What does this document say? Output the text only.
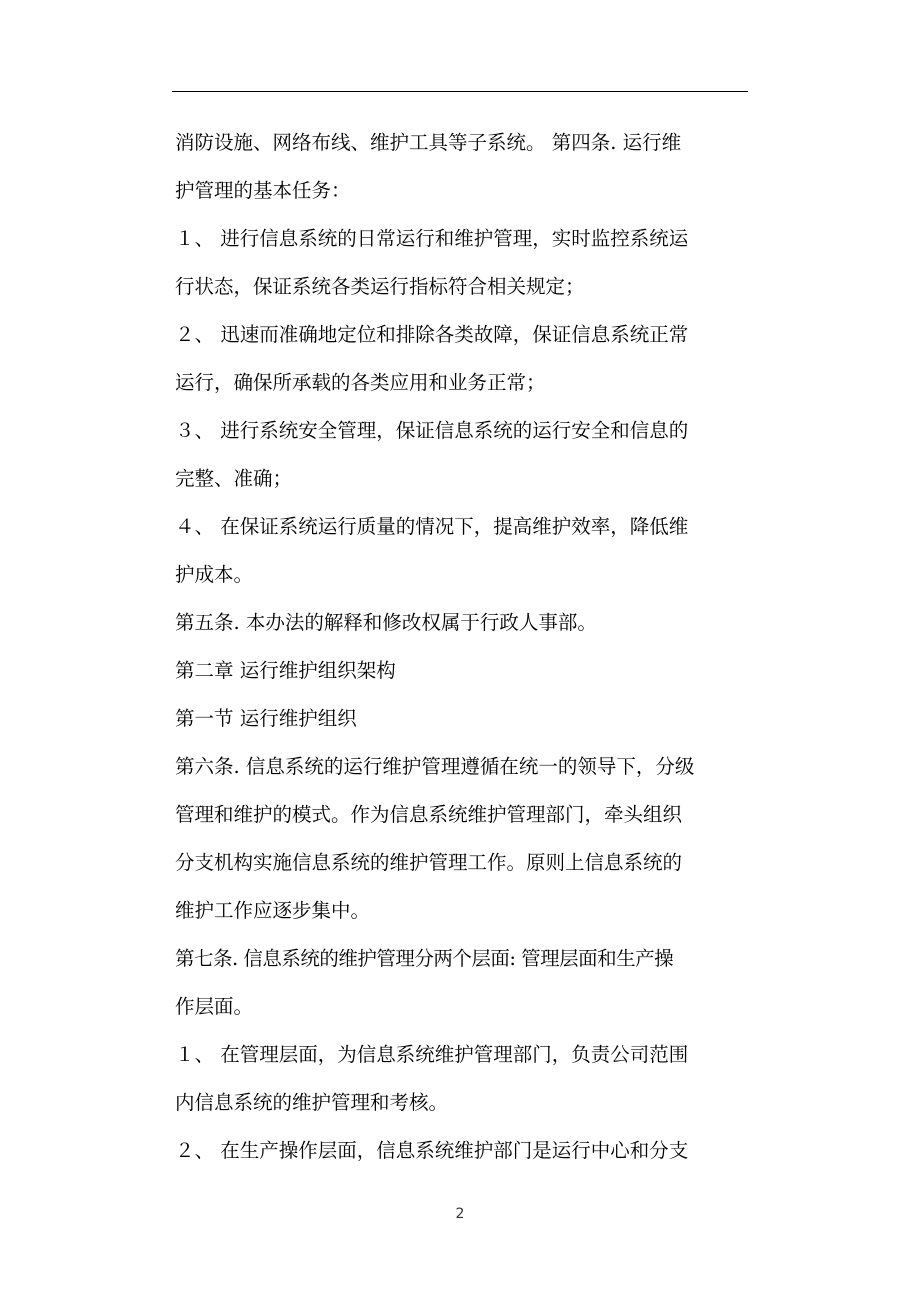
消防设施、网络布线、维护工具等子系统。 第四条. 运行维
护管理的基本任务：
１、 进行信息系统的日常运行和维护管理，实时监控系统运
行状态，保证系统各类运行指标符合相关规定；
２、 迅速而准确地定位和排除各类故障，保证信息系统正常
运行，确保所承载的各类应用和业务正常；
３、 进行系统安全管理，保证信息系统的运行安全和信息的
完整、准确；
４、 在保证系统运行质量的情况下，提高维护效率，降低维
护成本。
第五条. 本办法的解释和修改权属于行政人事部。
第二章 运行维护组织架构
第一节 运行维护组织
第六条. 信息系统的运行维护管理遵循在统一的领导下，分级
管理和维护的模式。作为信息系统维护管理部门，牵头组织
分支机构实施信息系统的维护管理工作。原则上信息系统的
维护工作应逐步集中。
第七条. 信息系统的维护管理分两个层面: 管理层面和生产操
作层面。
１、 在管理层面，为信息系统维护管理部门，负责公司范围
内信息系统的维护管理和考核。
２、 在生产操作层面，信息系统维护部门是运行中心和分支
2
